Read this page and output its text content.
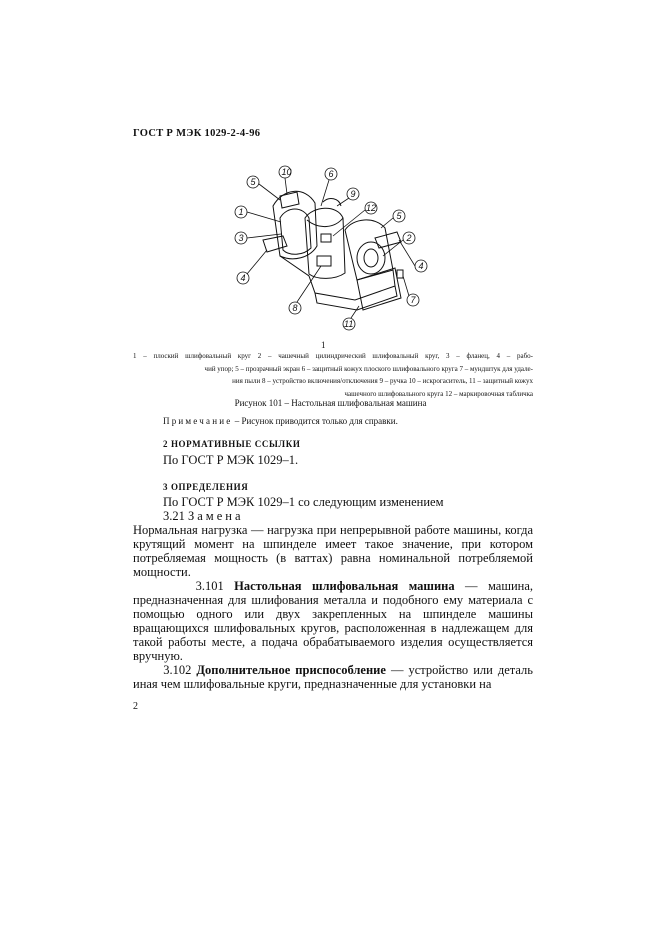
ГОСТ Р МЭК 1029-2-4-96
10
5
6
9
1	12
5
2
3
4
4
7
8
11
1
1 – плоский шлифовальный круг 2 – чашечный цилиндрический шлифовальный круг, 3 – фланец, 4 – рабо-
чий упор; 5 – прозрачный экран 6 – защитный кожух плоского шлифовального круга 7 – мундштук для удале-
ния пыли 8 – устройство включения/отключения 9 – ручка 10 – искрогаситель, 11 – защитный кожух
чашечного шлифовального круга 12 – маркировочная табличка
Рисунок 101 – Настольная шлифовальная машина
Примечание – Рисунок приводится только для справки.
2 НОРМАТИВНЫЕ ССЫЛКИ
По ГОСТ Р МЭК 1029–1.
3 ОПРЕДЕЛЕНИЯ
По ГОСТ Р МЭК 1029–1 со следующим изменением
3.21 Замена
Нормальная нагрузка — нагрузка при непрерывной работе машины, когда крутящий момент на шпинделе имеет такое значение, при котором потребляемая мощность (в ваттах) равна номинальной потребляемой мощности.
3.101 Настольная шлифовальная машина — машина, предназначенная для шлифования металла и подобного ему материала с помощью одного или двух закрепленных на шпинделе машины вращающихся шлифовальных кругов, расположенная в надлежащем для такой работы месте, а подача обрабатываемого изделия осуществляется вручную.
3.102 Дополнительное приспособление — устройство или деталь иная чем шлифовальные круги, предназначенные для установки на
2
